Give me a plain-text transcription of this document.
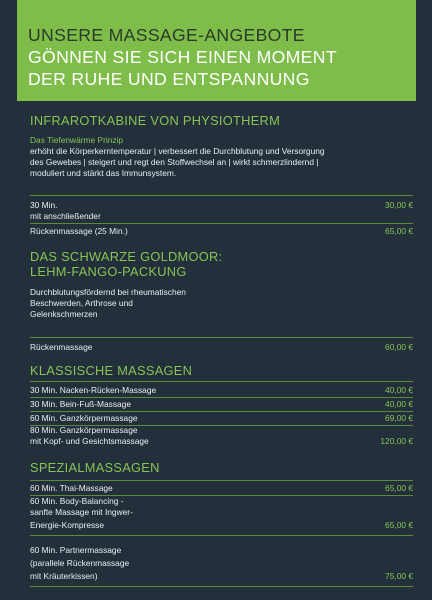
UNSERE MASSAGE-ANGEBOTE
GÖNNEN SIE SICH EINEN MOMENT
DER RUHE UND ENTSPANNUNG
INFRAROTKABINE VON PHYSIOTHERM
Das Tiefenwärme Prinzip
erhöht die Körperkerntemperatur | verbessert die Durchblutung und Versorgung
des Gewebes | steigert und regt den Stoffwechsel an | wirkt schmerzlindernd |
moduliert und stärkt das Immunsystem.
30 Min.	30,00 €
mit anschließender
Rückenmassage (25 Min.)	65,00 €
DAS SCHWARZE GOLDMOOR:
LEHM-FANGO-PACKUNG
Durchblutungsfördernd bei rheumatischen
Beschwerden, Arthrose und
Gelenkschmerzen
Rückenmassage	60,00 €
KLASSISCHE MASSAGEN
30 Min. Nacken-Rücken-Massage	40,00 €
30 Min. Bein-Fuß-Massage	40,00 €
60 Min. Ganzkörpermassage	69,00 €
80 Min. Ganzkörpermassage
mit Kopf- und Gesichtsmassage	120,00 €
SPEZIALMASSAGEN
60 Min. Thai-Massage	65,00 €
60 Min. Body-Balancing -
sanfte Massage mit Ingwer-
Energie-Kompresse	65,00 €
60 Min. Partnermassage
(parallele Rückenmassage
mit Kräuterkissen)	75,00 €
